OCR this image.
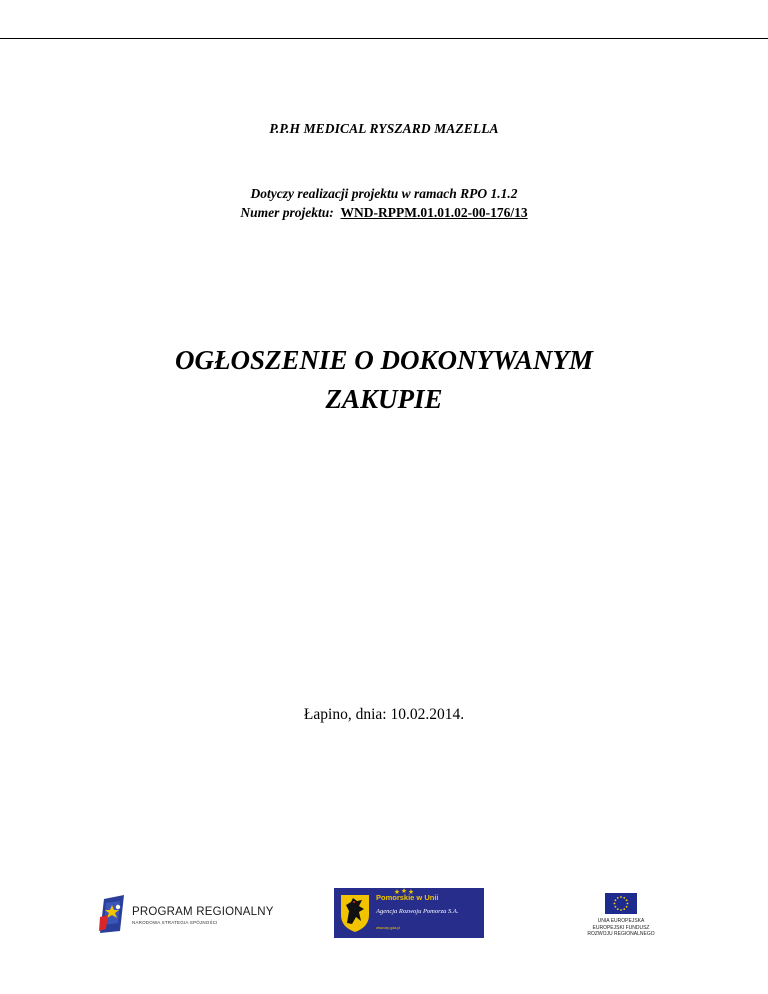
P.P.H MEDICAL RYSZARD MAZELLA
Dotyczy realizacji projektu w ramach RPO 1.1.2
Numer projektu: WND-RPPM.01.01.02-00-176/13
OGŁOSZENIE O DOKONYWANYM
ZAKUPIE
Łapino, dnia: 10.02.2014.
PROGRAM REGIONALNY
NARODOWA STRATEGIA SPÓJNOŚCI
Pomorskie w Unii
Agencja Rozwoju Pomorza S.A.
www.arp.gda.pl
UNIA EUROPEJSKA
EUROPEJSKI FUNDUSZ
ROZWOJU REGIONALNEGO
